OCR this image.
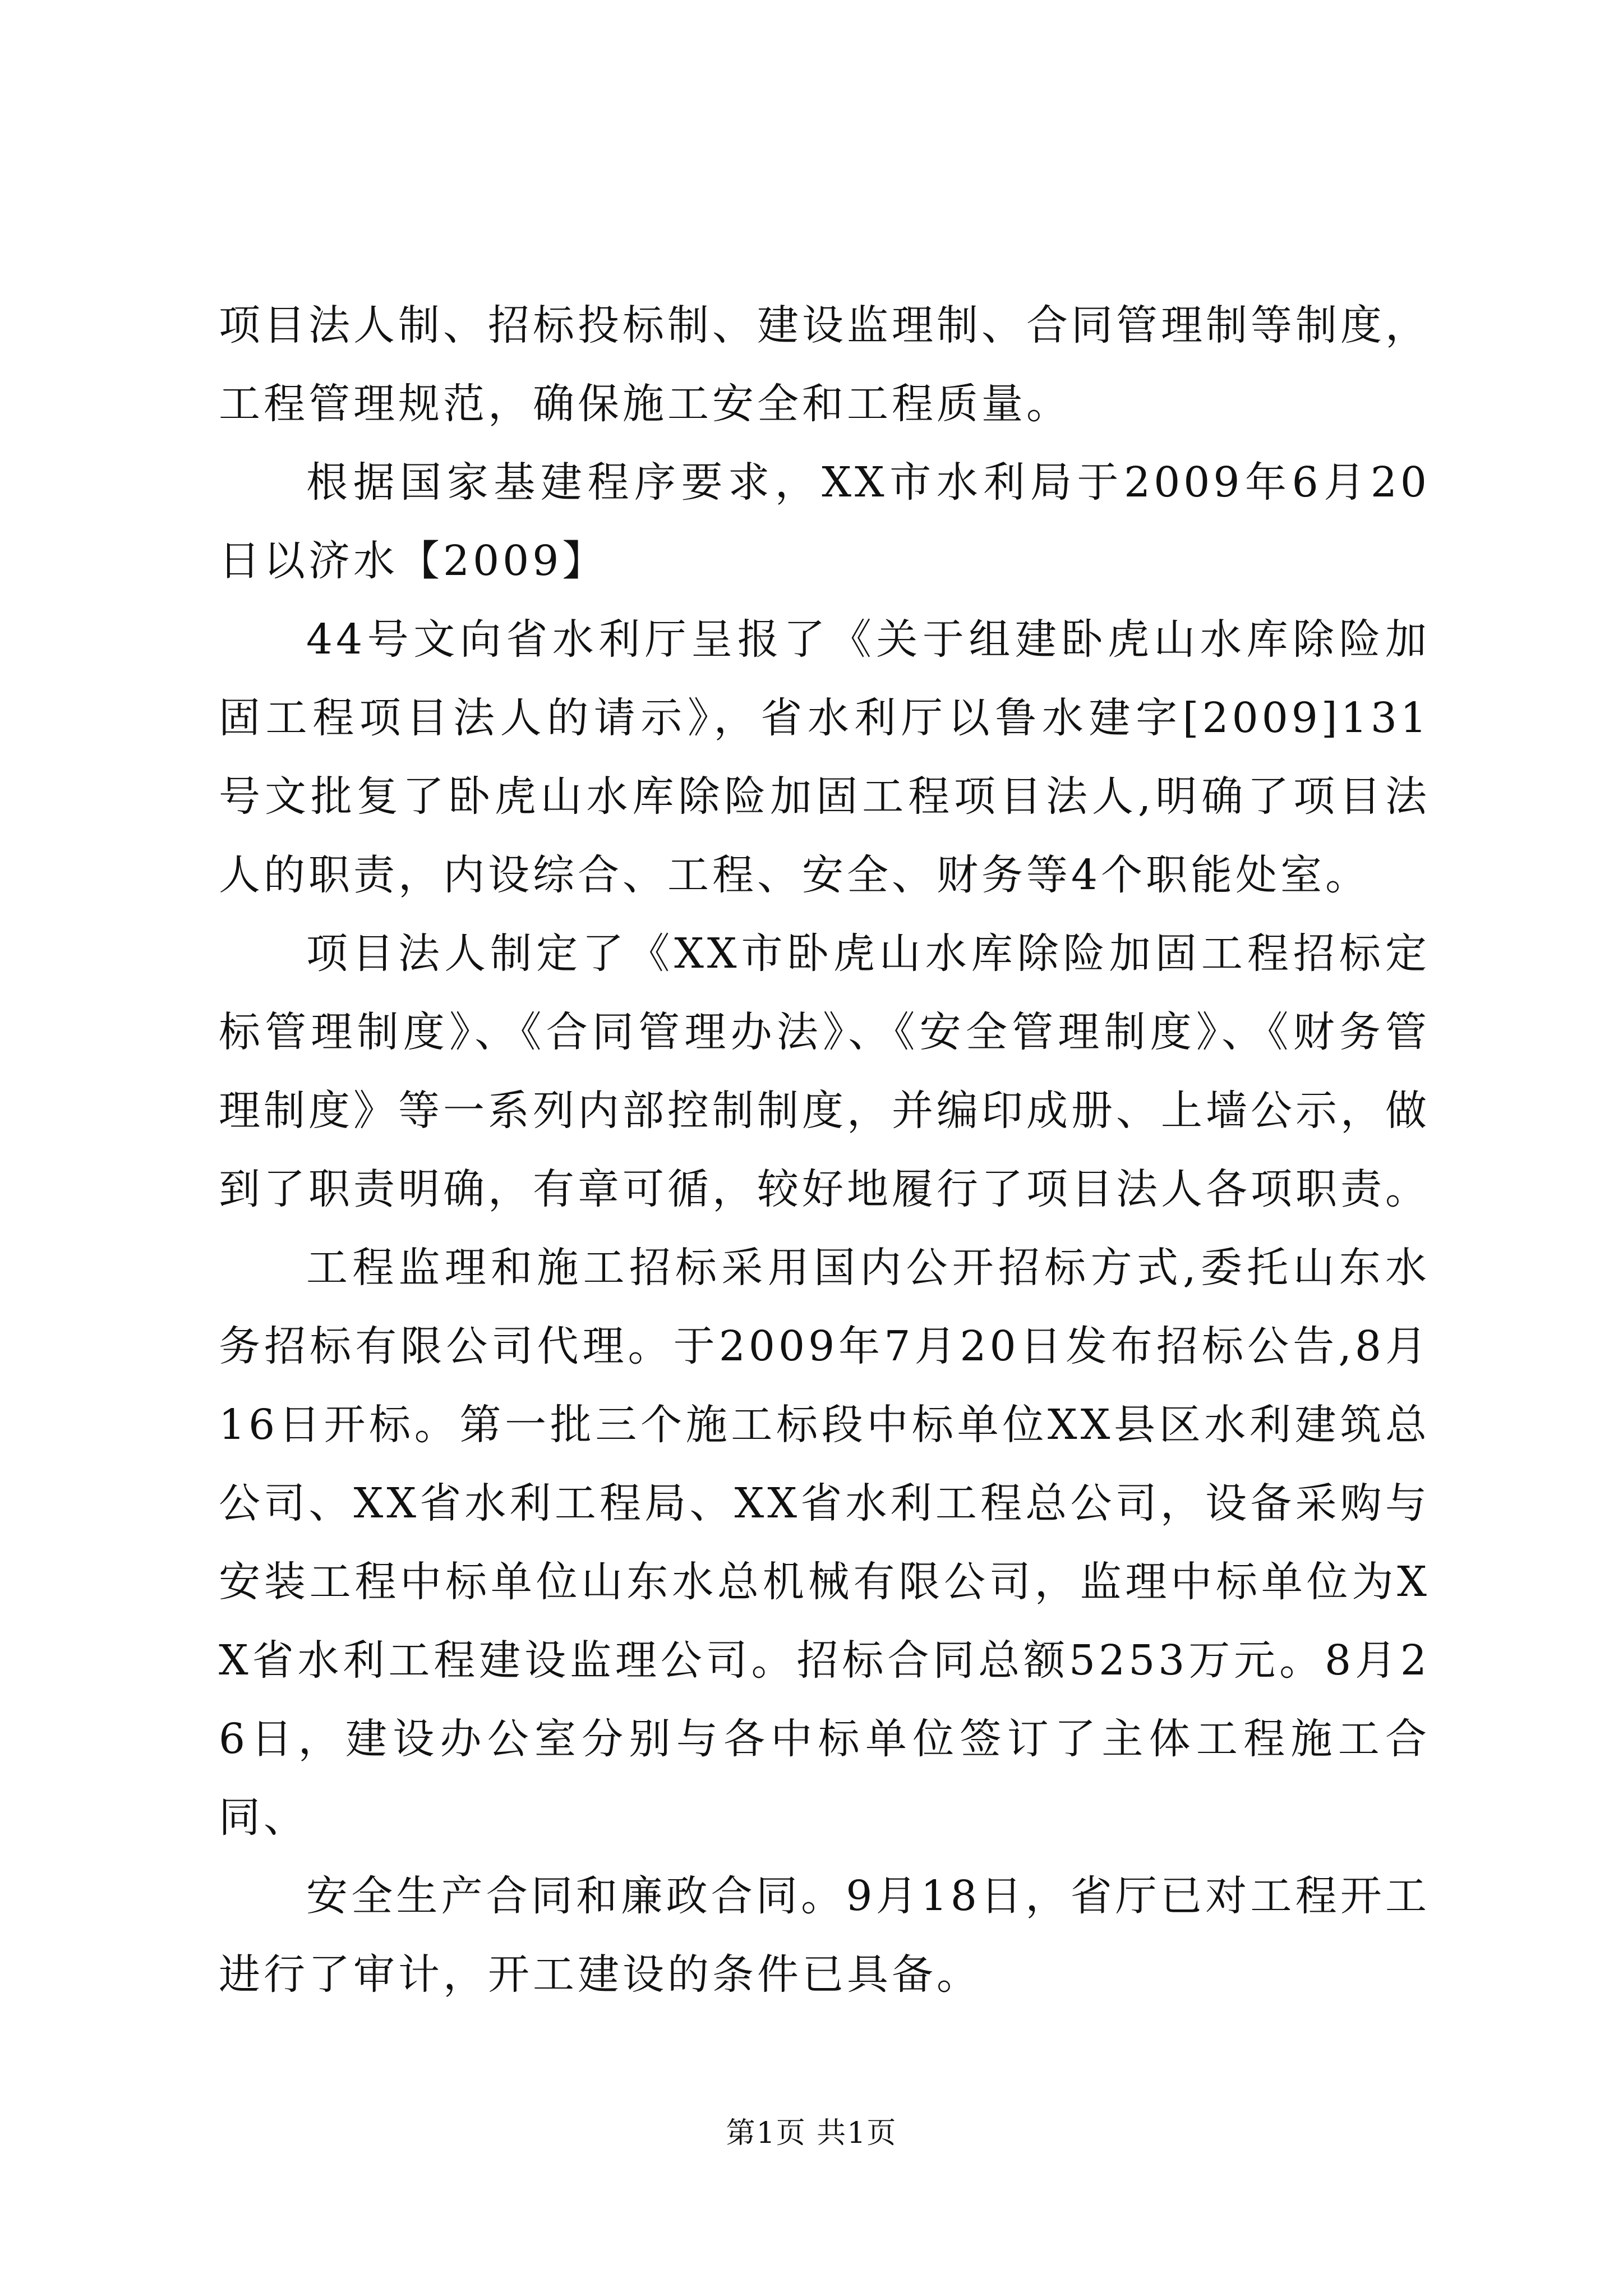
项目法人制、招标投标制、建设监理制、合同管理制等制度，工程管理规范，确保施工安全和工程质量。

根据国家基建程序要求，XX市水利局于2009年6月20日以济水【2009】

44号文向省水利厅呈报了《关于组建卧虎山水库除险加固工程项目法人的请示》，省水利厅以鲁水建字[2009]131号文批复了卧虎山水库除险加固工程项目法人,明确了项目法人的职责，内设综合、工程、安全、财务等4个职能处室。

项目法人制定了《XX市卧虎山水库除险加固工程招标定标管理制度》、《合同管理办法》、《安全管理制度》、《财务管理制度》等一系列内部控制制度，并编印成册、上墙公示，做到了职责明确，有章可循，较好地履行了项目法人各项职责。

工程监理和施工招标采用国内公开招标方式,委托山东水务招标有限公司代理。于2009年7月20日发布招标公告,8月16日开标。第一批三个施工标段中标单位XX县区水利建筑总公司、XX省水利工程局、XX省水利工程总公司，设备采购与安装工程中标单位山东水总机械有限公司，监理中标单位为XX省水利工程建设监理公司。招标合同总额5253万元。8月26日，建设办公室分别与各中标单位签订了主体工程施工合同、

安全生产合同和廉政合同。9月18日，省厅已对工程开工进行了审计，开工建设的条件已具备。

第1页 共1页
